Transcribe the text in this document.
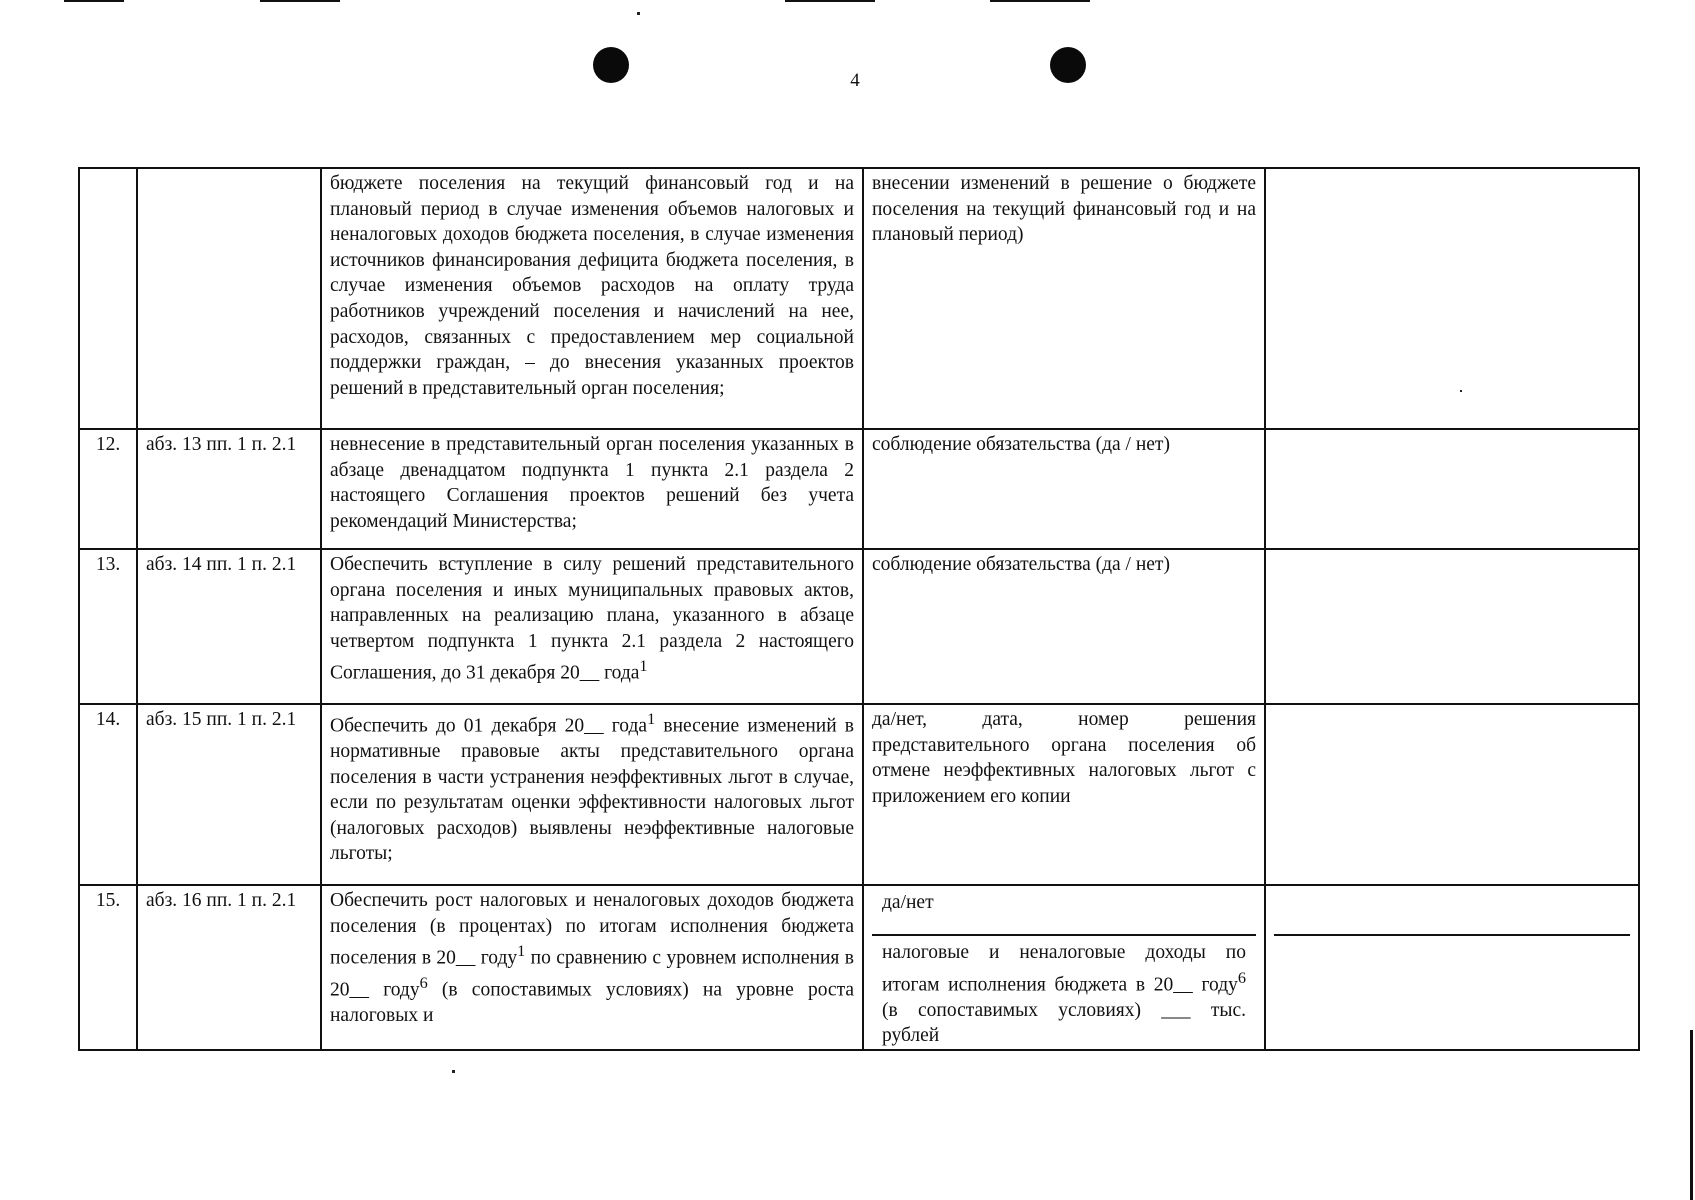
4
		бюджете поселения на текущий финансовый год и на плановый период в случае изменения объемов налоговых и неналоговых доходов бюджета поселения, в случае изменения источников финансирования дефицита бюджета поселения, в случае изменения объемов расходов на оплату труда работников учреждений поселения и начислений на нее, расходов, связанных с предоставлением мер социальной поддержки граждан, – до внесения указанных проектов решений в представительный орган поселения;	внесении изменений в решение о бюджете поселения на текущий финансовый год и на плановый период)	
12.	абз. 13 пп. 1 п. 2.1	невнесение в представительный орган поселения указанных в абзаце двенадцатом подпункта 1 пункта 2.1 раздела 2 настоящего Соглашения проектов решений без учета рекомендаций Министерства;	соблюдение обязательства (да / нет)	
13.	абз. 14 пп. 1 п. 2.1	Обеспечить вступление в силу решений представительного органа поселения и иных муниципальных правовых актов, направленных на реализацию плана, указанного в абзаце четвертом подпункта 1 пункта 2.1 раздела 2 настоящего Соглашения, до 31 декабря 20__ года$^1$	соблюдение обязательства (да / нет)	
14.	абз. 15 пп. 1 п. 2.1	Обеспечить до 01 декабря 20__ года$^1$ внесение изменений в нормативные правовые акты представительного органа поселения в части устранения неэффективных льгот в случае, если по результатам оценки эффективности налоговых льгот (налоговых расходов) выявлены неэффективные налоговые льготы;	да/нет, дата, номер решения представительного органа поселения об отмене неэффективных налоговых льгот с приложением его копии	
15.	абз. 16 пп. 1 п. 2.1	Обеспечить рост налоговых и неналоговых доходов бюджета поселения (в процентах) по итогам исполнения бюджета поселения в 20__ году$^1$ по сравнению с уровнем исполнения в 20__ году$^6$ (в сопоставимых условиях) на уровне роста налоговых и	да/нет
налоговые и неналоговые доходы по итогам исполнения бюджета в 20__ году$^6$ (в сопоставимых условиях) ___ тыс. рублей	
